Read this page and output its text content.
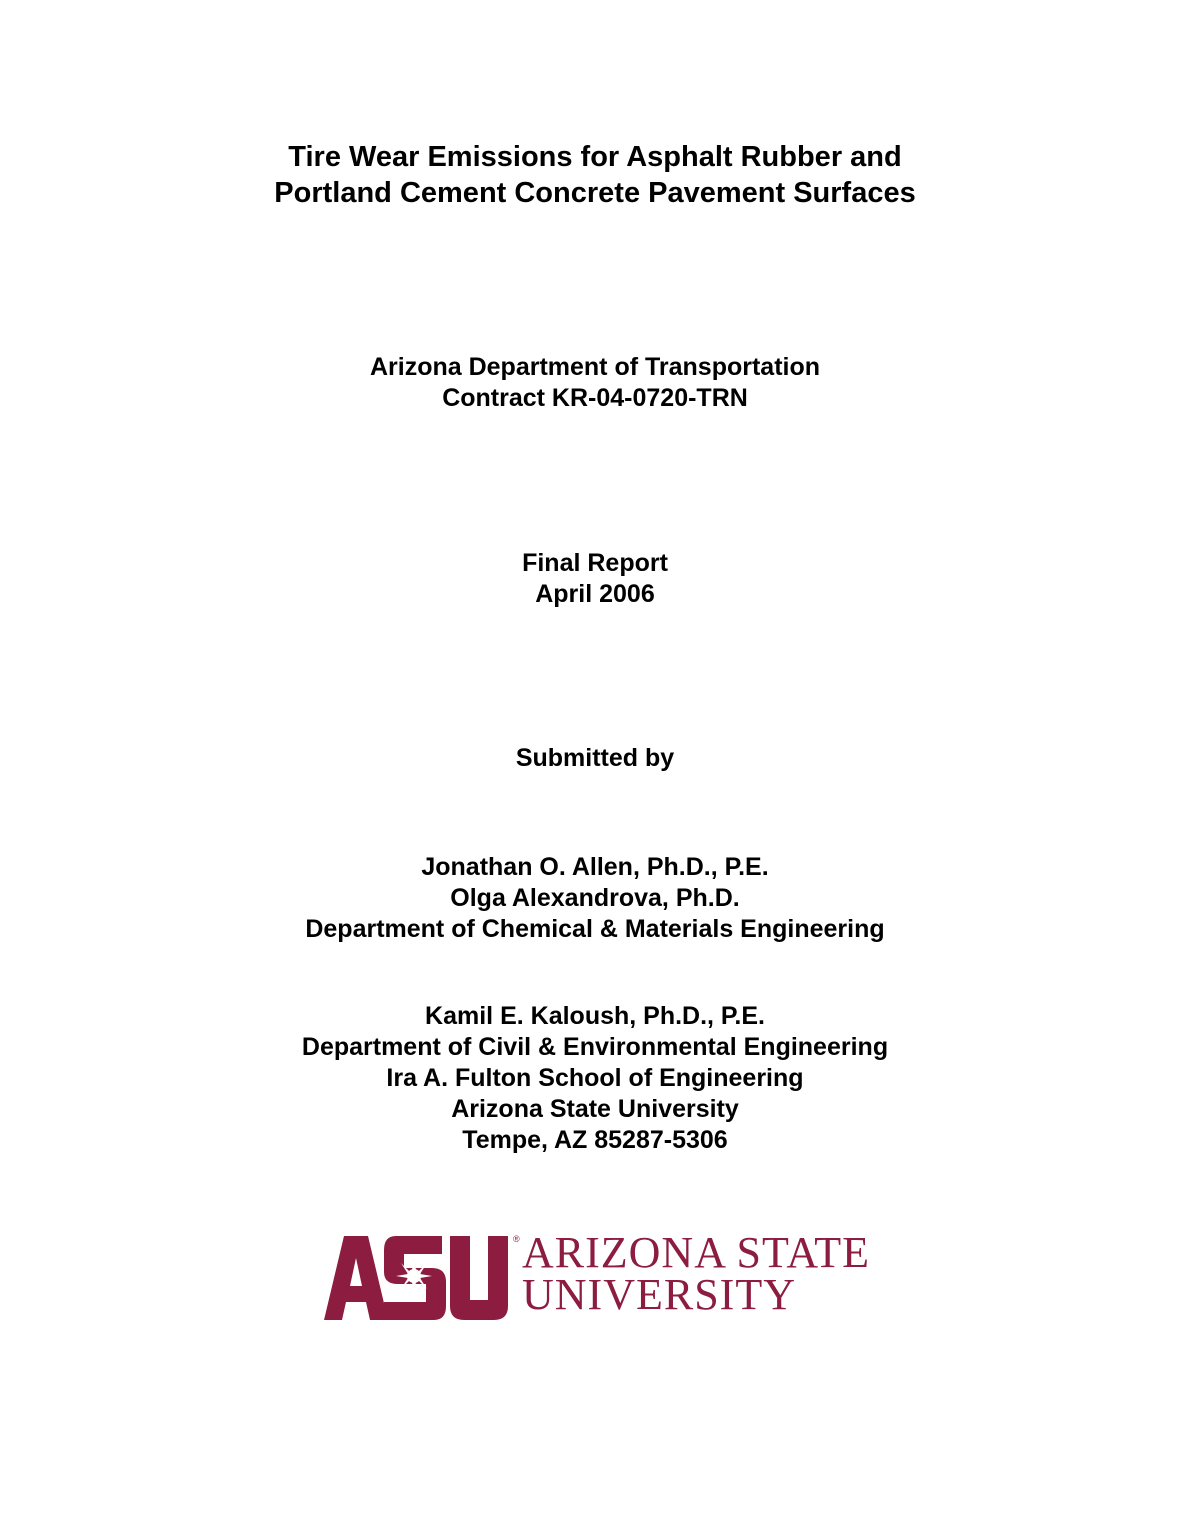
Tire Wear Emissions for Asphalt Rubber and
Portland Cement Concrete Pavement Surfaces
Arizona Department of Transportation
Contract KR-04-0720-TRN
Final Report
April 2006
Submitted by
Jonathan O. Allen, Ph.D., P.E.
Olga Alexandrova, Ph.D.
Department of Chemical & Materials Engineering
Kamil E. Kaloush, Ph.D., P.E.
Department of Civil & Environmental Engineering
Ira A. Fulton School of Engineering
Arizona State University
Tempe, AZ 85287-5306
® ARIZONA STATE
UNIVERSITY
